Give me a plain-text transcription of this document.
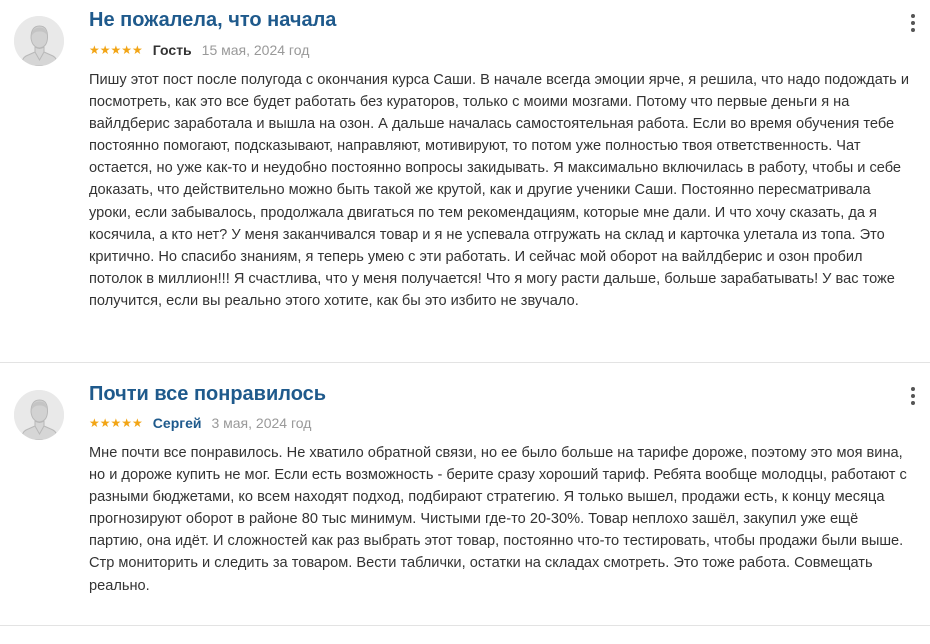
Не пожалела, что начала
★★★★★ Гость 15 мая, 2024 год

Пишу этот пост после полугода с окончания курса Саши. В начале всегда эмоции ярче, я решила, что надо подождать и посмотреть, как это все будет работать без кураторов, только с моими мозгами. Потому что первые деньги я на вайлдберис заработала и вышла на озон. А дальше началась самостоятельная работа. Если во время обучения тебе постоянно помогают, подсказывают, направляют, мотивируют, то потом уже полностью твоя ответственность. Чат остается, но уже как-то и неудобно постоянно вопросы закидывать. Я максимально включилась в работу, чтобы и себе доказать, что действительно можно быть такой же крутой, как и другие ученики Саши. Постоянно пересматривала уроки, если забывалось, продолжала двигаться по тем рекомендациям, которые мне дали. И что хочу сказать, да я косячила, а кто нет? У меня заканчивался товар и я не успевала отгружать на склад и карточка улетала из топа. Это критично. Но спасибо знаниям, я теперь умею с эти работать. И сейчас мой оборот на вайлдберис и озон пробил потолок в миллион!!! Я счастлива, что у меня получается! Что я могу расти дальше, больше зарабатывать! У вас тоже получится, если вы реально этого хотите, как бы это избито не звучало.

Почти все понравилось
★★★★★ Сергей 3 мая, 2024 год

Мне почти все понравилось. Не хватило обратной связи, но ее было больше на тарифе дороже, поэтому это моя вина, но и дороже купить не мог. Если есть возможность - берите сразу хороший тариф. Ребята вообще молодцы, работают с разными бюджетами, ко всем находят подход, подбирают стратегию. Я только вышел, продажи есть, к концу месяца прогнозируют оборот в районе 80 тыс минимум. Чистыми где-то 20-30%. Товар неплохо зашёл, закупил уже ещё партию, она идёт. И сложностей как раз выбрать этот товар, постоянно что-то тестировать, чтобы продажи были выше. Стр мониторить и следить за товаром. Вести таблички, остатки на складах смотреть. Это тоже работа. Совмещать реально.
